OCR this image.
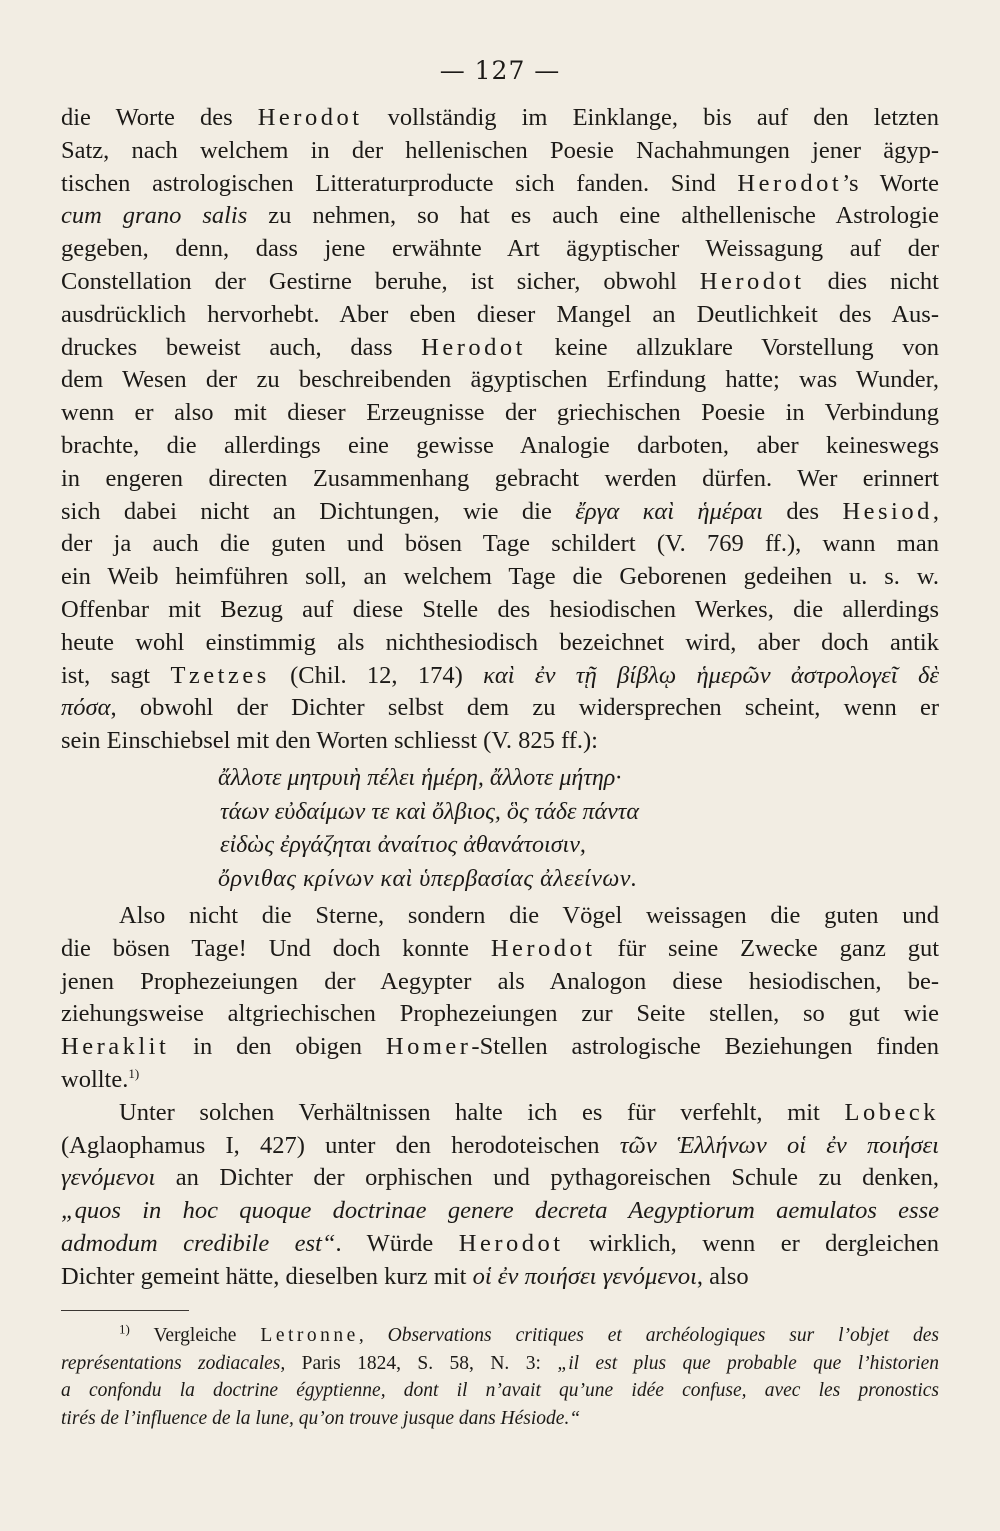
— 127 —
die Worte des Herodot vollständig im Einklange, bis auf den letzten
Satz, nach welchem in der hellenischen Poesie Nachahmungen jener ägyp-
tischen astrologischen Litteraturproducte sich fanden. Sind Herodot’s Worte
cum grano salis zu nehmen, so hat es auch eine althellenische Astrologie
gegeben, denn, dass jene erwähnte Art ägyptischer Weissagung auf der
Constellation der Gestirne beruhe, ist sicher, obwohl Herodot dies nicht
ausdrücklich hervorhebt. Aber eben dieser Mangel an Deutlichkeit des Aus-
druckes beweist auch, dass Herodot keine allzuklare Vorstellung von
dem Wesen der zu beschreibenden ägyptischen Erfindung hatte; was Wunder,
wenn er also mit dieser Erzeugnisse der griechischen Poesie in Verbindung
brachte, die allerdings eine gewisse Analogie darboten, aber keineswegs
in engeren directen Zusammenhang gebracht werden dürfen. Wer erinnert
sich dabei nicht an Dichtungen, wie die ἔργα καὶ ἡμέραι des Hesiod,
der ja auch die guten und bösen Tage schildert (V. 769 ff.), wann man
ein Weib heimführen soll, an welchem Tage die Geborenen gedeihen u. s. w.
Offenbar mit Bezug auf diese Stelle des hesiodischen Werkes, die allerdings
heute wohl einstimmig als nichthesiodisch bezeichnet wird, aber doch antik
ist, sagt Tzetzes (Chil. 12, 174) καὶ ἐν τῇ βίβλῳ ἡμερῶν ἀστρολογεῖ δὲ
πόσα, obwohl der Dichter selbst dem zu widersprechen scheint, wenn er
sein Einschiebsel mit den Worten schliesst (V. 825 ff.):
ἄλλοτε μητρυιὴ πέλει ἡμέρη, ἄλλοτε μήτηρ·
τάων εὐδαίμων τε καὶ ὄλβιος, ὃς τάδε πάντα
εἰδὼς ἐργάζηται ἀναίτιος ἀθανάτοισιν,
ὄρνιθας κρίνων καὶ ὑπερβασίας ἀλεείνων.
Also nicht die Sterne, sondern die Vögel weissagen die guten und
die bösen Tage! Und doch konnte Herodot für seine Zwecke ganz gut
jenen Prophezeiungen der Aegypter als Analogon diese hesiodischen, be-
ziehungsweise altgriechischen Prophezeiungen zur Seite stellen, so gut wie
Heraklit in den obigen Homer-Stellen astrologische Beziehungen finden
wollte.$^{1)}$
Unter solchen Verhältnissen halte ich es für verfehlt, mit Lobeck
(Aglaophamus I, 427) unter den herodoteischen τῶν Ἑλλήνων οἱ ἐν ποιήσει
γενόμενοι an Dichter der orphischen und pythagoreischen Schule zu denken,
„quos in hoc quoque doctrinae genere decreta Aegyptiorum aemulatos esse
admodum credibile est“. Würde Herodot wirklich, wenn er dergleichen
Dichter gemeint hätte, dieselben kurz mit οἱ ἐν ποιήσει γενόμενοι, also
$^{1)}$ Vergleiche Letronne, Observations critiques et archéologiques sur l’objet des
représentations zodiacales, Paris 1824, S. 58, N. 3: „il est plus que probable que l’historien
a confondu la doctrine égyptienne, dont il n’avait qu’une idée confuse, avec les pronostics
tirés de l’influence de la lune, qu’on trouve jusque dans Hésiode.“
